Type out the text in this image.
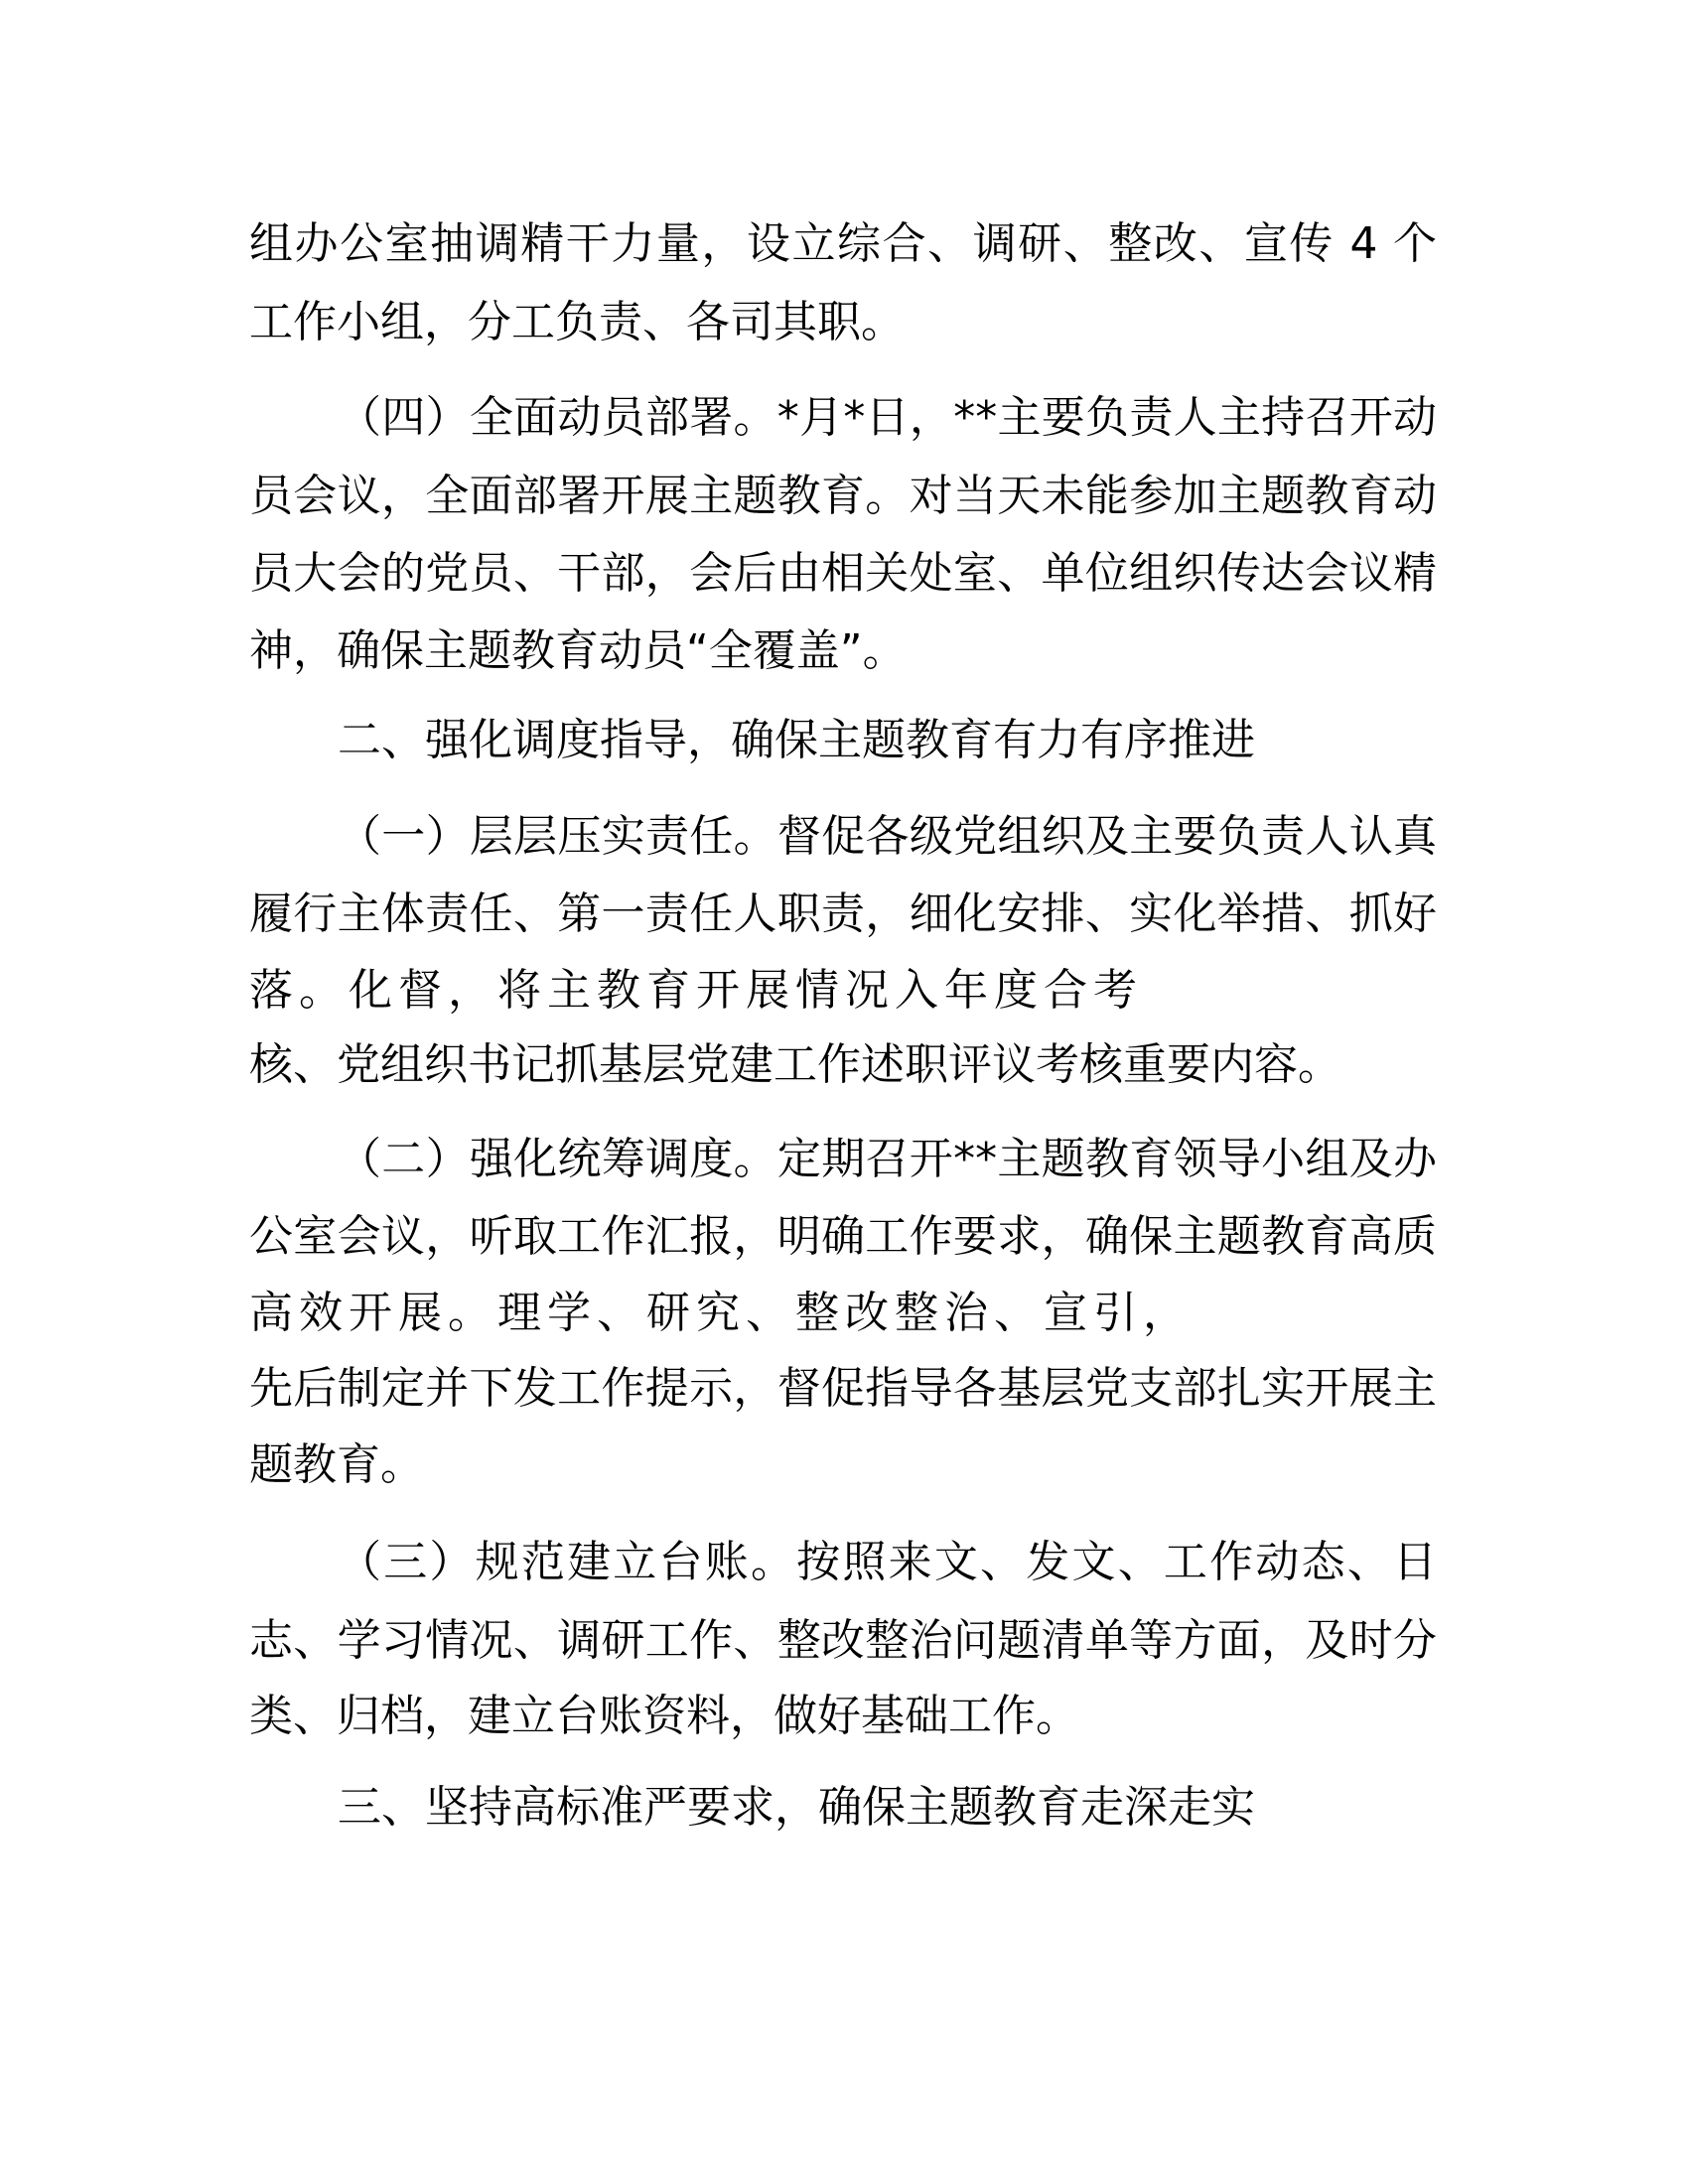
组办公室抽调精干力量，设立综合、调研、整改、宣传 4 个
工作小组，分工负责、各司其职。
（四）全面动员部署。*月*日，**主要负责人主持召开动
员会议，全面部署开展主题教育。对当天未能参加主题教育动
员大会的党员、干部，会后由相关处室、单位组织传达会议精
神，确保主题教育动员“全覆盖”。
二、强化调度指导，确保主题教育有力有序推进
（一）层层压实责任。督促各级党组织及主要负责人认真
履行主体责任、第一责任人职责，细化安排、实化举措、抓好
落。化督，将主教育开展情况入年度合考
核、党组织书记抓基层党建工作述职评议考核重要内容。
（二）强化统筹调度。定期召开**主题教育领导小组及办
公室会议，听取工作汇报，明确工作要求，确保主题教育高质
高效开展。理学、研究、整改整治、宣引，
先后制定并下发工作提示，督促指导各基层党支部扎实开展主
题教育。
（三）规范建立台账。按照来文、发文、工作动态、日
志、学习情况、调研工作、整改整治问题清单等方面，及时分
类、归档，建立台账资料，做好基础工作。
三、坚持高标准严要求，确保主题教育走深走实
